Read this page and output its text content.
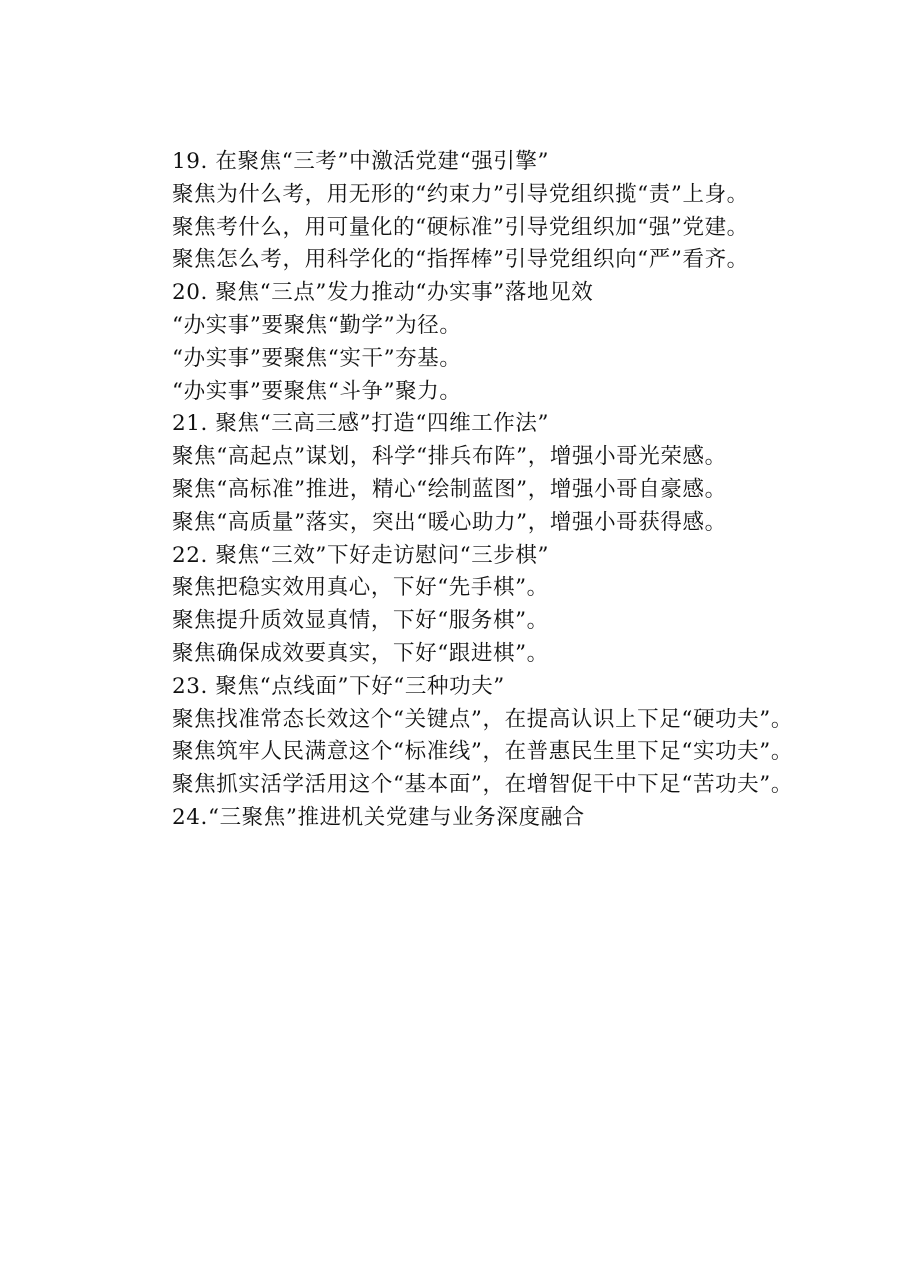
19. 在聚焦“三考”中激活党建“强引擎”

聚焦为什么考，用无形的“约束力”引导党组织揽“责”上身。

聚焦考什么，用可量化的“硬标准”引导党组织加“强”党建。

聚焦怎么考，用科学化的“指挥棒”引导党组织向“严”看齐。

20. 聚焦“三点”发力推动“办实事”落地见效

“办实事”要聚焦“勤学”为径。

“办实事”要聚焦“实干”夯基。

“办实事”要聚焦“斗争”聚力。

21. 聚焦“三高三感”打造“四维工作法”

聚焦“高起点”谋划，科学“排兵布阵”，增强小哥光荣感。

聚焦“高标准”推进，精心“绘制蓝图”，增强小哥自豪感。

聚焦“高质量”落实，突出“暖心助力”，增强小哥获得感。

22. 聚焦“三效”下好走访慰问“三步棋”

聚焦把稳实效用真心，下好“先手棋”。

聚焦提升质效显真情，下好“服务棋”。

聚焦确保成效要真实，下好“跟进棋”。

23. 聚焦“点线面”下好“三种功夫”

聚焦找准常态长效这个“关键点”，在提高认识上下足“硬功夫”。

聚焦筑牢人民满意这个“标准线”，在普惠民生里下足“实功夫”。

聚焦抓实活学活用这个“基本面”，在增智促干中下足“苦功夫”。

24.“三聚焦”推进机关党建与业务深度融合
